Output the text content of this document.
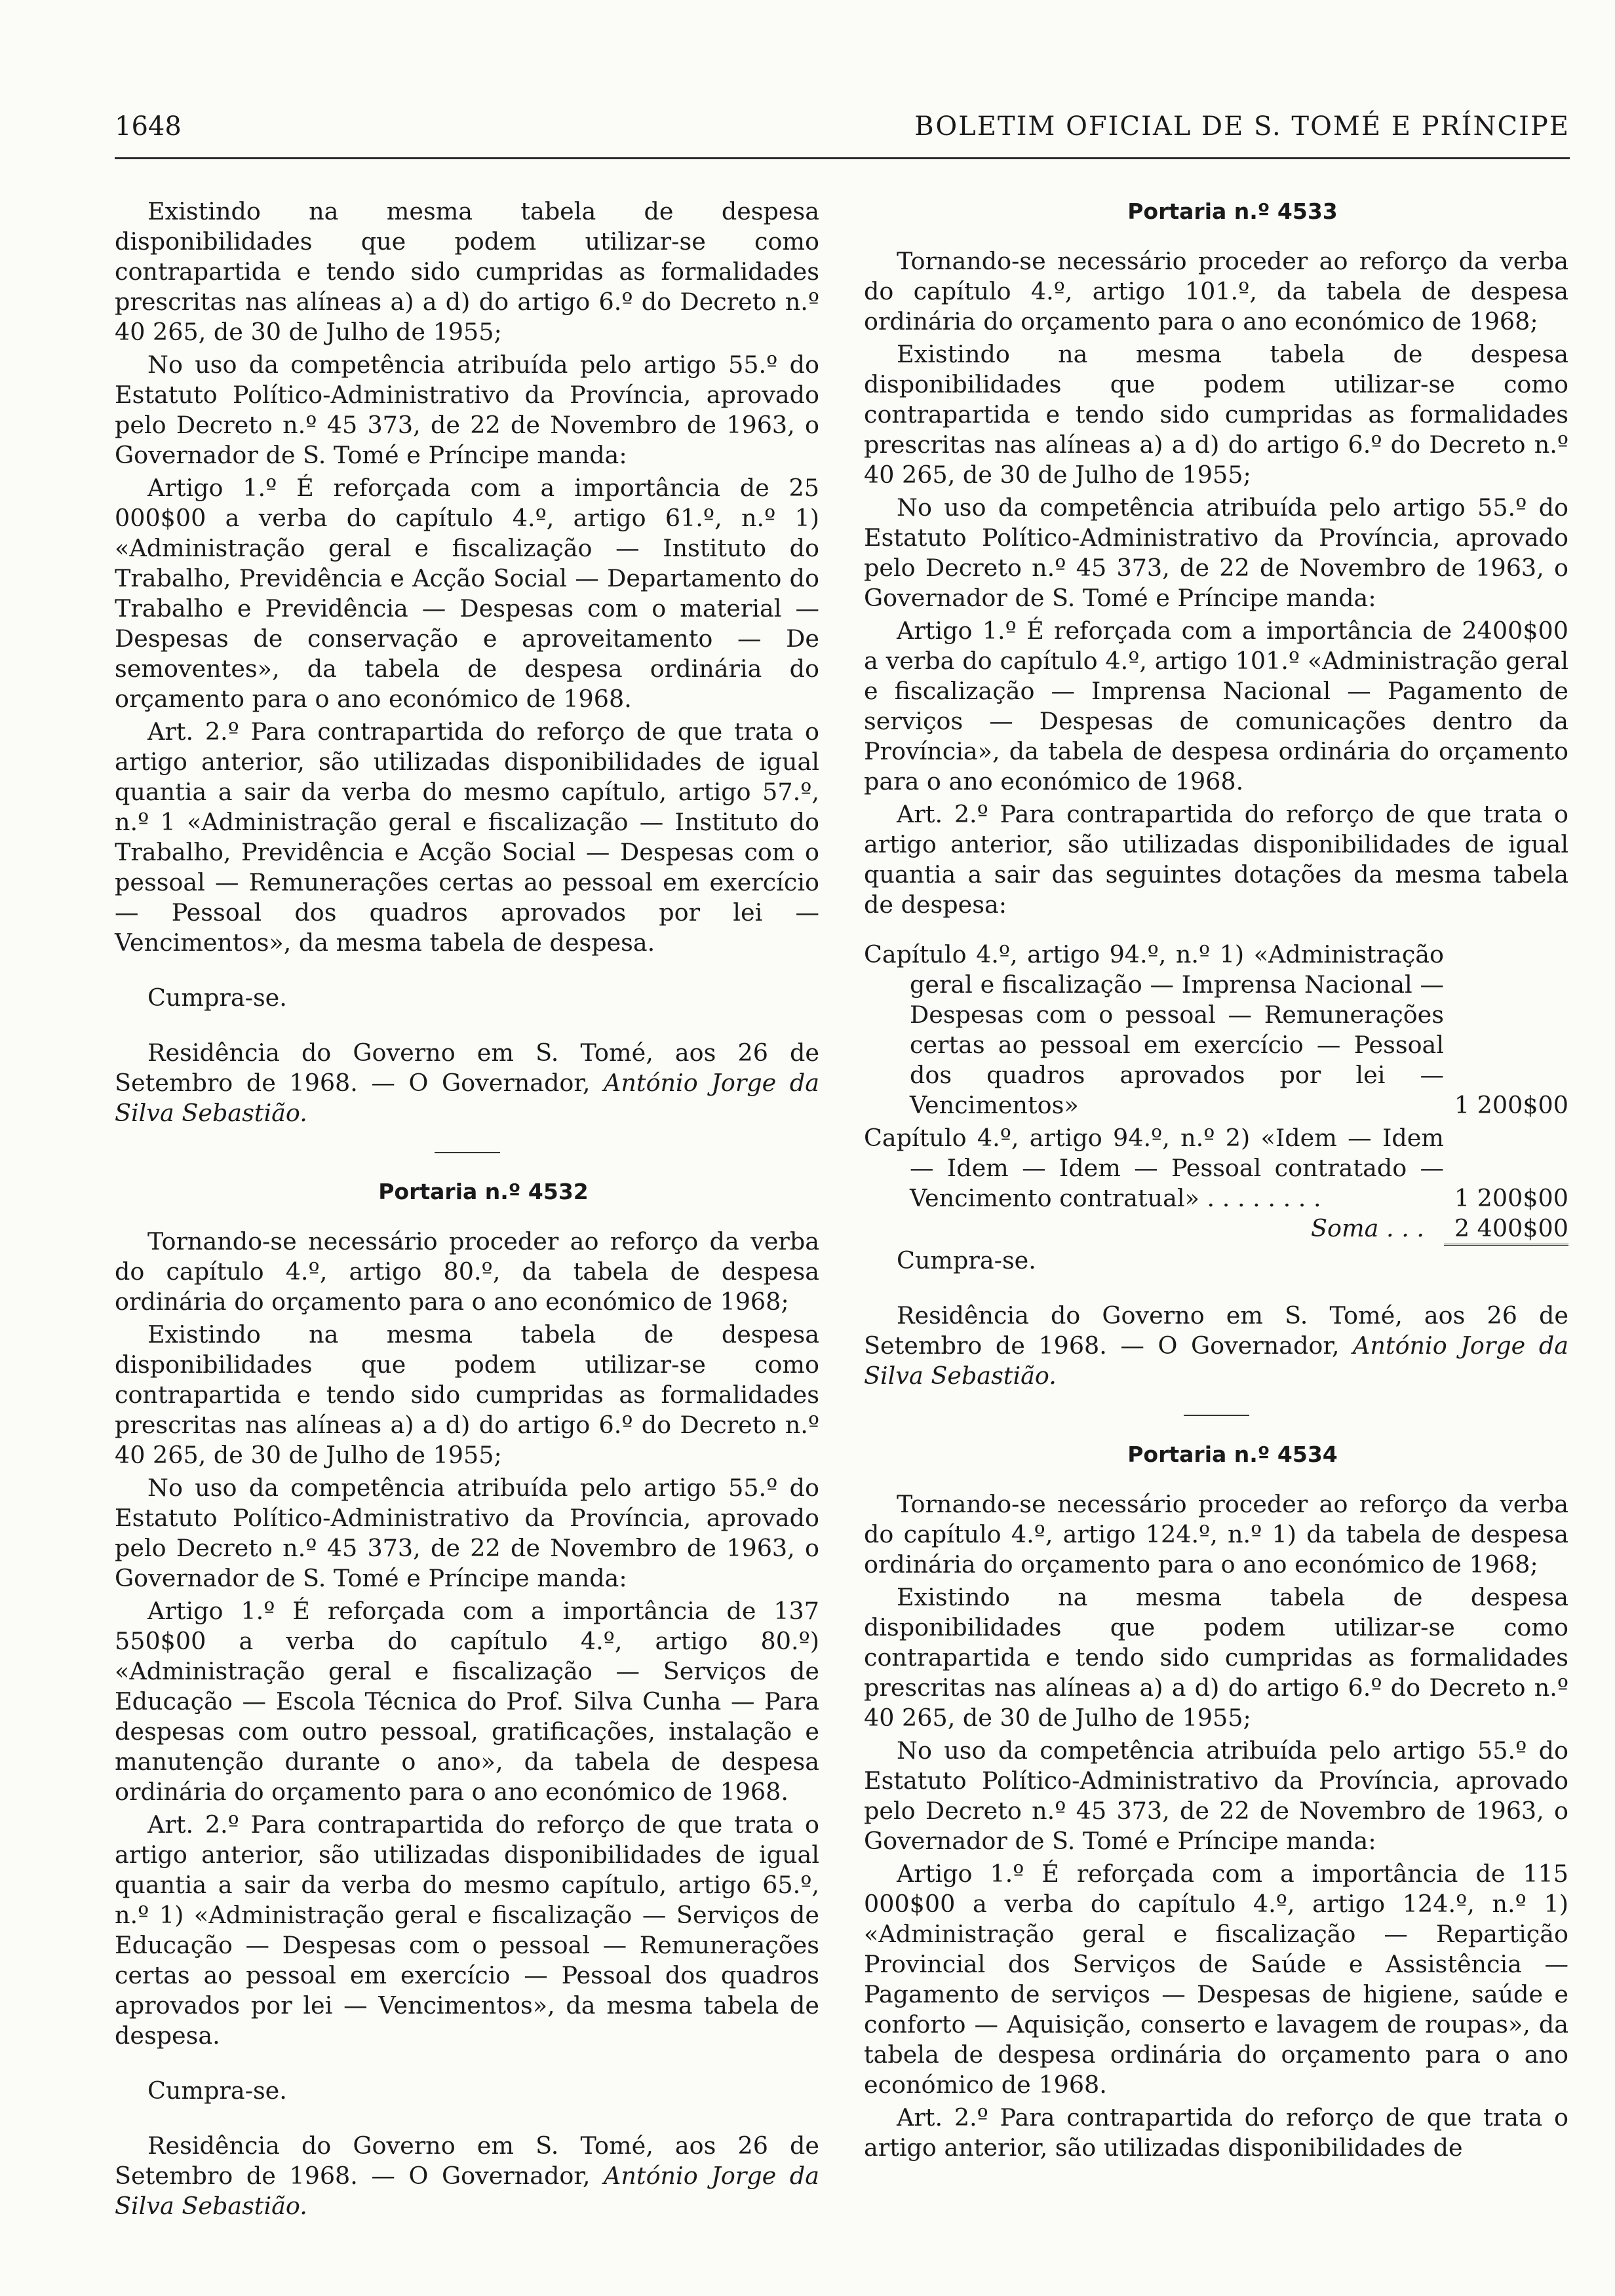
1648	BOLETIM OFICIAL DE S. TOMÉ E PRÍNCIPE

Existindo na mesma tabela de despesa disponibilidades que podem utilizar-se como contrapartida e tendo sido cumpridas as formalidades prescritas nas alíneas a) a d) do artigo 6.º do Decreto n.º 40 265, de 30 de Julho de 1955;

No uso da competência atribuída pelo artigo 55.º do Estatuto Político-Administrativo da Província, aprovado pelo Decreto n.º 45 373, de 22 de Novembro de 1963, o Governador de S. Tomé e Príncipe manda:

Artigo 1.º É reforçada com a importância de 25 000$00 a verba do capítulo 4.º, artigo 61.º, n.º 1) «Administração geral e fiscalização — Instituto do Trabalho, Previdência e Acção Social — Departamento do Trabalho e Previdência — Despesas com o material — Despesas de conservação e aproveitamento — De semoventes», da tabela de despesa ordinária do orçamento para o ano económico de 1968.

Art. 2.º Para contrapartida do reforço de que trata o artigo anterior, são utilizadas disponibilidades de igual quantia a sair da verba do mesmo capítulo, artigo 57.º, n.º 1 «Administração geral e fiscalização — Instituto do Trabalho, Previdência e Acção Social — Despesas com o pessoal — Remunerações certas ao pessoal em exercício — Pessoal dos quadros aprovados por lei — Vencimentos», da mesma tabela de despesa.

Cumpra-se.

Residência do Governo em S. Tomé, aos 26 de Setembro de 1968. — O Governador, António Jorge da Silva Sebastião.

Portaria n.º 4532

Tornando-se necessário proceder ao reforço da verba do capítulo 4.º, artigo 80.º, da tabela de despesa ordinária do orçamento para o ano económico de 1968;

Existindo na mesma tabela de despesa disponibilidades que podem utilizar-se como contrapartida e tendo sido cumpridas as formalidades prescritas nas alíneas a) a d) do artigo 6.º do Decreto n.º 40 265, de 30 de Julho de 1955;

No uso da competência atribuída pelo artigo 55.º do Estatuto Político-Administrativo da Província, aprovado pelo Decreto n.º 45 373, de 22 de Novembro de 1963, o Governador de S. Tomé e Príncipe manda:

Artigo 1.º É reforçada com a importância de 137 550$00 a verba do capítulo 4.º, artigo 80.º) «Administração geral e fiscalização — Serviços de Educação — Escola Técnica do Prof. Silva Cunha — Para despesas com outro pessoal, gratificações, instalação e manutenção durante o ano», da tabela de despesa ordinária do orçamento para o ano económico de 1968.

Art. 2.º Para contrapartida do reforço de que trata o artigo anterior, são utilizadas disponibilidades de igual quantia a sair da verba do mesmo capítulo, artigo 65.º, n.º 1) «Administração geral e fiscalização — Serviços de Educação — Despesas com o pessoal — Remunerações certas ao pessoal em exercício — Pessoal dos quadros aprovados por lei — Vencimentos», da mesma tabela de despesa.

Cumpra-se.

Residência do Governo em S. Tomé, aos 26 de Setembro de 1968. — O Governador, António Jorge da Silva Sebastião.

Portaria n.º 4533

Tornando-se necessário proceder ao reforço da verba do capítulo 4.º, artigo 101.º, da tabela de despesa ordinária do orçamento para o ano económico de 1968;

Existindo na mesma tabela de despesa disponibilidades que podem utilizar-se como contrapartida e tendo sido cumpridas as formalidades prescritas nas alíneas a) a d) do artigo 6.º do Decreto n.º 40 265, de 30 de Julho de 1955;

No uso da competência atribuída pelo artigo 55.º do Estatuto Político-Administrativo da Província, aprovado pelo Decreto n.º 45 373, de 22 de Novembro de 1963, o Governador de S. Tomé e Príncipe manda:

Artigo 1.º É reforçada com a importância de 2400$00 a verba do capítulo 4.º, artigo 101.º «Administração geral e fiscalização — Imprensa Nacional — Pagamento de serviços — Despesas de comunicações dentro da Província», da tabela de despesa ordinária do orçamento para o ano económico de 1968.

Art. 2.º Para contrapartida do reforço de que trata o artigo anterior, são utilizadas disponibilidades de igual quantia a sair das seguintes dotações da mesma tabela de despesa:

Capítulo 4.º, artigo 94.º, n.º 1) «Administração geral e fiscalização — Imprensa Nacional — Despesas com o pessoal — Remunerações certas ao pessoal em exercício — Pessoal dos quadros aprovados por lei — Vencimentos»	1 200$00
Capítulo 4.º, artigo 94.º, n.º 2) «Idem — Idem — Idem — Idem — Pessoal contratado — Vencimento contratual» . . . . . . . .	1 200$00
Soma . . .	2 400$00

Cumpra-se.

Residência do Governo em S. Tomé, aos 26 de Setembro de 1968. — O Governador, António Jorge da Silva Sebastião.

Portaria n.º 4534

Tornando-se necessário proceder ao reforço da verba do capítulo 4.º, artigo 124.º, n.º 1) da tabela de despesa ordinária do orçamento para o ano económico de 1968;

Existindo na mesma tabela de despesa disponibilidades que podem utilizar-se como contrapartida e tendo sido cumpridas as formalidades prescritas nas alíneas a) a d) do artigo 6.º do Decreto n.º 40 265, de 30 de Julho de 1955;

No uso da competência atribuída pelo artigo 55.º do Estatuto Político-Administrativo da Província, aprovado pelo Decreto n.º 45 373, de 22 de Novembro de 1963, o Governador de S. Tomé e Príncipe manda:

Artigo 1.º É reforçada com a importância de 115 000$00 a verba do capítulo 4.º, artigo 124.º, n.º 1) «Administração geral e fiscalização — Repartição Provincial dos Serviços de Saúde e Assistência — Pagamento de serviços — Despesas de higiene, saúde e conforto — Aquisição, conserto e lavagem de roupas», da tabela de despesa ordinária do orçamento para o ano económico de 1968.

Art. 2.º Para contrapartida do reforço de que trata o artigo anterior, são utilizadas disponibilidades de
